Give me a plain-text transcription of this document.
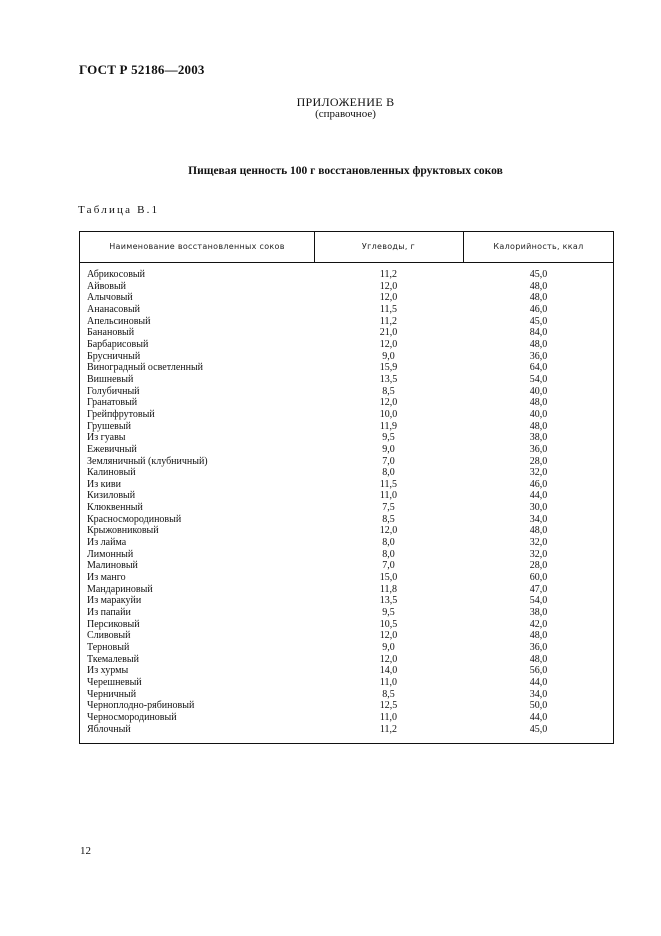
ГОСТ Р 52186—2003
ПРИЛОЖЕНИЕ В
(справочное)
Пищевая ценность 100 г восстановленных фруктовых соков
Таблица В.1
Наименование восстановленных соков	Углеводы, г	Калорийность, ккал
Абрикосовый	11,2	45,0
Айвовый	12,0	48,0
Алычовый	12,0	48,0
Ананасовый	11,5	46,0
Апельсиновый	11,2	45,0
Банановый	21,0	84,0
Барбарисовый	12,0	48,0
Брусничный	9,0	36,0
Виноградный осветленный	15,9	64,0
Вишневый	13,5	54,0
Голубичный	8,5	40,0
Гранатовый	12,0	48,0
Грейпфрутовый	10,0	40,0
Грушевый	11,9	48,0
Из гуавы	9,5	38,0
Ежевичный	9,0	36,0
Земляничный (клубничный)	7,0	28,0
Калиновый	8,0	32,0
Из киви	11,5	46,0
Кизиловый	11,0	44,0
Клюквенный	7,5	30,0
Красносмородиновый	8,5	34,0
Крыжовниковый	12,0	48,0
Из лайма	8,0	32,0
Лимонный	8,0	32,0
Малиновый	7,0	28,0
Из манго	15,0	60,0
Мандариновый	11,8	47,0
Из маракуйи	13,5	54,0
Из папайи	9,5	38,0
Персиковый	10,5	42,0
Сливовый	12,0	48,0
Терновый	9,0	36,0
Ткемалевый	12,0	48,0
Из хурмы	14,0	56,0
Черешневый	11,0	44,0
Черничный	8,5	34,0
Черноплодно-рябиновый	12,5	50,0
Черносмородиновый	11,0	44,0
Яблочный	11,2	45,0
12
